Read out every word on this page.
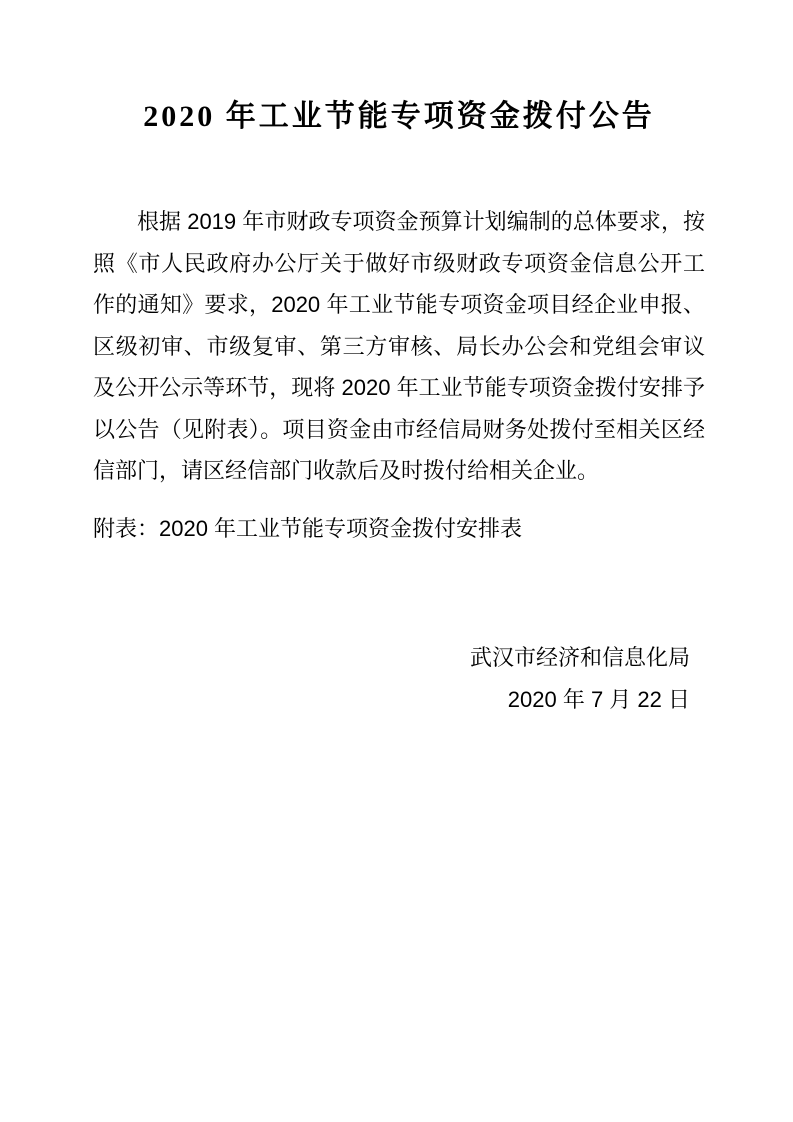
2020 年工业节能专项资金拨付公告

根据 2019 年市财政专项资金预算计划编制的总体要求，按照《市人民政府办公厅关于做好市级财政专项资金信息公开工作的通知》要求，2020 年工业节能专项资金项目经企业申报、区级初审、市级复审、第三方审核、局长办公会和党组会审议及公开公示等环节，现将 2020 年工业节能专项资金拨付安排予以公告（见附表）。项目资金由市经信局财务处拨付至相关区经信部门，请区经信部门收款后及时拨付给相关企业。

附表：2020 年工业节能专项资金拨付安排表

武汉市经济和信息化局
2020 年 7 月 22 日
